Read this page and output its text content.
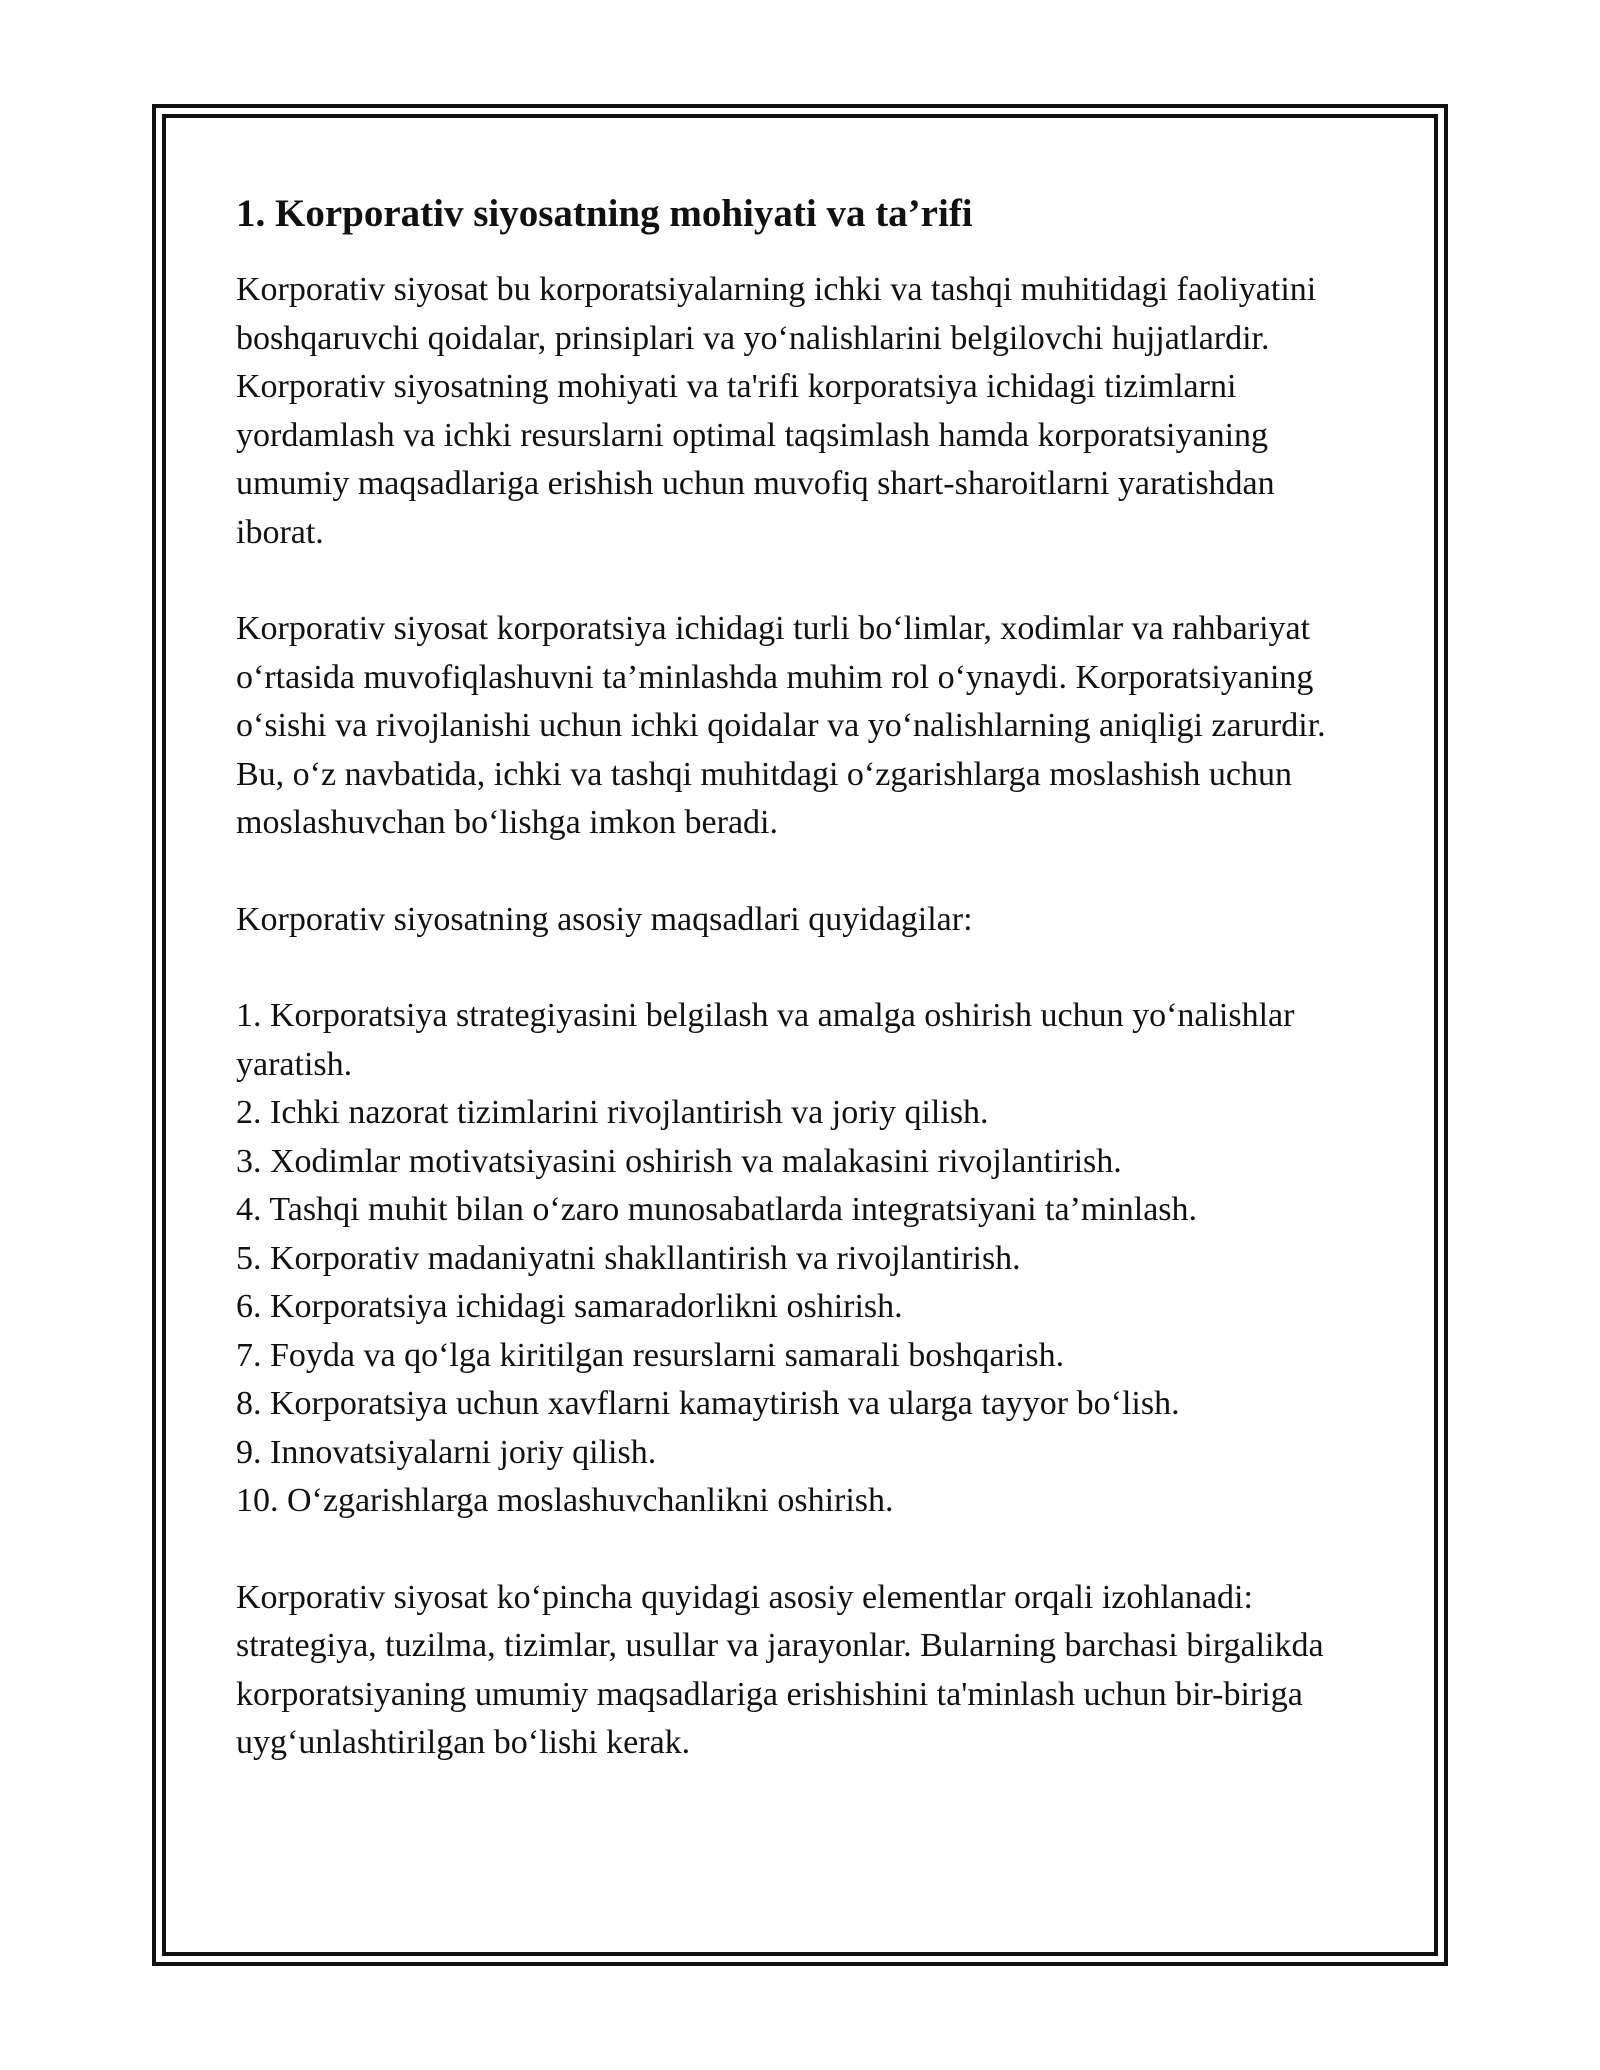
1. Korporativ siyosatning mohiyati va ta’rifi

Korporativ siyosat bu korporatsiyalarning ichki va tashqi muhitidagi faoliyatini boshqaruvchi qoidalar, prinsiplari va yo‘nalishlarini belgilovchi hujjatlardir. Korporativ siyosatning mohiyati va ta'rifi korporatsiya ichidagi tizimlarni yordamlash va ichki resurslarni optimal taqsimlash hamda korporatsiyaning umumiy maqsadlariga erishish uchun muvofiq shart-sharoitlarni yaratishdan iborat.

Korporativ siyosat korporatsiya ichidagi turli bo‘limlar, xodimlar va rahbariyat o‘rtasida muvofiqlashuvni ta’minlashda muhim rol o‘ynaydi. Korporatsiyaning o‘sishi va rivojlanishi uchun ichki qoidalar va yo‘nalishlarning aniqligi zarurdir. Bu, o‘z navbatida, ichki va tashqi muhitdagi o‘zgarishlarga moslashish uchun moslashuvchan bo‘lishga imkon beradi.

Korporativ siyosatning asosiy maqsadlari quyidagilar:

1. Korporatsiya strategiyasini belgilash va amalga oshirish uchun yo‘nalishlar yaratish.
2. Ichki nazorat tizimlarini rivojlantirish va joriy qilish.
3. Xodimlar motivatsiyasini oshirish va malakasini rivojlantirish.
4. Tashqi muhit bilan o‘zaro munosabatlarda integratsiyani ta’minlash.
5. Korporativ madaniyatni shakllantirish va rivojlantirish.
6. Korporatsiya ichidagi samaradorlikni oshirish.
7. Foyda va qo‘lga kiritilgan resurslarni samarali boshqarish.
8. Korporatsiya uchun xavflarni kamaytirish va ularga tayyor bo‘lish.
9. Innovatsiyalarni joriy qilish.
10. O‘zgarishlarga moslashuvchanlikni oshirish.

Korporativ siyosat ko‘pincha quyidagi asosiy elementlar orqali izohlanadi: strategiya, tuzilma, tizimlar, usullar va jarayonlar. Bularning barchasi birgalikda korporatsiyaning umumiy maqsadlariga erishishini ta'minlash uchun bir-biriga uyg‘unlashtirilgan bo‘lishi kerak.
